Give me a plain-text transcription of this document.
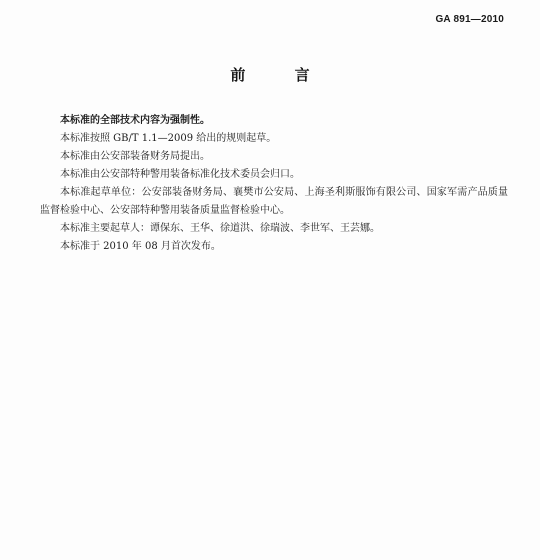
GA 891—2010
前 言

本标准的全部技术内容为强制性。

本标准按照 GB/T 1.1—2009 给出的规则起草。

本标准由公安部装备财务局提出。

本标准由公安部特种警用装备标准化技术委员会归口。

本标准起草单位：公安部装备财务局、襄樊市公安局、上海圣利斯服饰有限公司、国家军需产品质量监督检验中心、公安部特种警用装备质量监督检验中心。

本标准主要起草人：谭保东、王华、徐道洪、徐瑞波、李世军、王芸娜。

本标准于 2010 年 08 月首次发布。
